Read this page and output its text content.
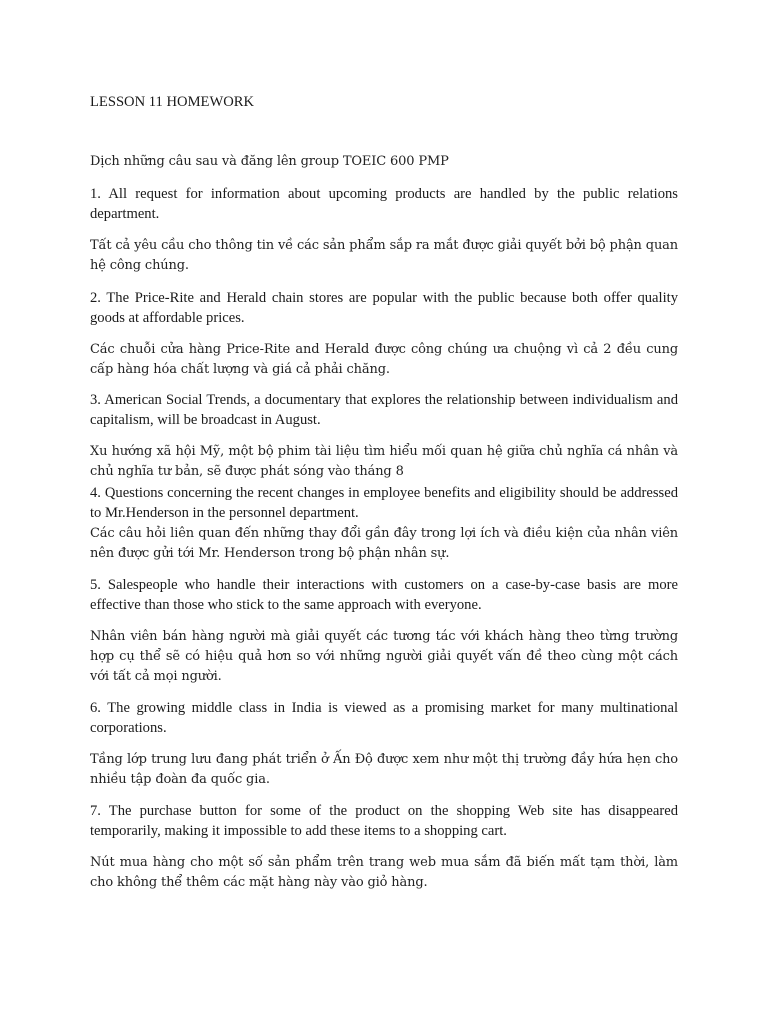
LESSON 11 HOMEWORK

Dịch những câu sau và đăng lên group TOEIC 600 PMP

1. All request for information about upcoming products are handled by the public relations department.

Tất cả yêu cầu cho thông tin về các sản phẩm sắp ra mắt được giải quyết bởi bộ phận quan hệ công chúng.

2. The Price-Rite and Herald chain stores are popular with the public because both offer quality goods at affordable prices.

Các chuỗi cửa hàng Price-Rite and Herald được công chúng ưa chuộng vì cả 2 đều cung cấp hàng hóa chất lượng và giá cả phải chăng.

3. American Social Trends, a documentary that explores the relationship between individualism and capitalism, will be broadcast in August.

Xu hướng xã hội Mỹ, một bộ phim tài liệu tìm hiểu mối quan hệ giữa chủ nghĩa cá nhân và chủ nghĩa tư bản, sẽ được phát sóng vào tháng 8

4. Questions concerning the recent changes in employee benefits and eligibility should be addressed to Mr.Henderson in the personnel department.

Các câu hỏi liên quan đến những thay đổi gần đây trong lợi ích và điều kiện của nhân viên nên được gửi tới Mr. Henderson trong bộ phận nhân sự.

5. Salespeople who handle their interactions with customers on a case-by-case basis are more effective than those who stick to the same approach with everyone.

Nhân viên bán hàng người mà giải quyết các tương tác với khách hàng theo từng trường hợp cụ thể sẽ có hiệu quả hơn so với những người giải quyết vấn đề theo cùng một cách với tất cả mọi người.

6. The growing middle class in India is viewed as a promising market for many multinational corporations.

Tầng lớp trung lưu đang phát triển ở Ấn Độ được xem như một thị trường đầy hứa hẹn cho nhiều tập đoàn đa quốc gia.

7. The purchase button for some of the product on the shopping Web site has disappeared temporarily, making it impossible to add these items to a shopping cart.

Nút mua hàng cho một số sản phẩm trên trang web mua sắm đã biến mất tạm thời, làm cho không thể thêm các mặt hàng này vào giỏ hàng.
